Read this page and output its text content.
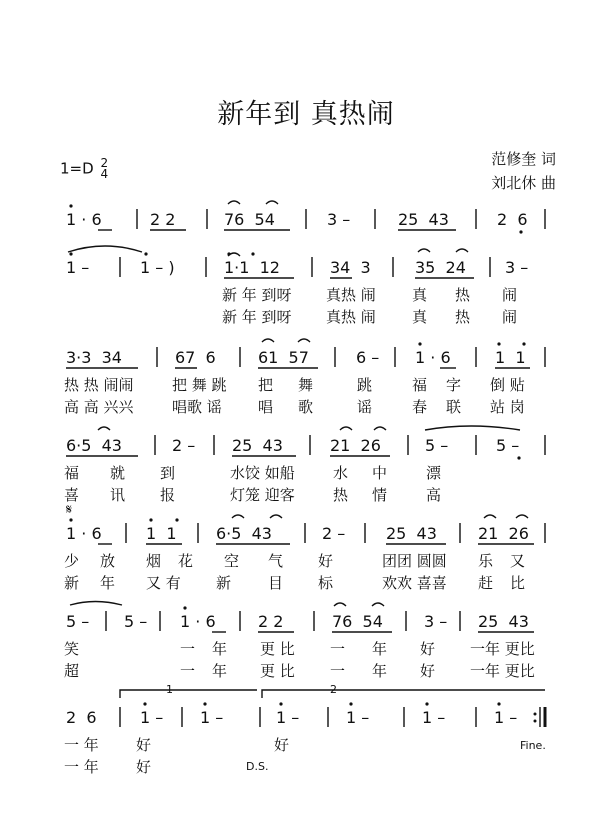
新年到 真热闹
1=D 2
4
范修奎 词
刘北休 曲
1 · 6	2 2	76  54	3 –	25  43	2  6
1 –	1 – )	1·1  12	34  3	35  24 3 –
新 年 到呀 真热 闹 真 热 闹
新 年 到呀 真热 闹 真 热 闹
3·3  34	67  6	61  57	6 – 1 · 6	1  1
热 热 闹闹	把 舞 跳 把 舞	跳	福 字 倒 贴
高 高 兴兴	唱歌 谣 唱 歌	谣	春 联 站 岗
6·5  43	2 – 25  43	21  26	5 –	5 –
福 就 到	水饺 如船	水 中	漂
喜 讯 报	灯笼 迎客	热 情	高
𝄋
1 · 6	1  1 6·5  43	2 –	25  43	21  26
少 放 烟 花 空 气 好	团团 圆圆 乐 又
新 年 又 有 新 目 标	欢欢 喜喜 赶 比
5 – 5 – 1 · 6	2 2	76  54	3 – 25  43
笑	一 年 更 比 一 年 好 一年 更比
超	一 年 更 比 一 年 好 一年 更比
1	2
2  6	1 – 1 –	1 –	1 –	1 –	1 –
一 年 好	好	Fine.
一 年 好	D.S.
